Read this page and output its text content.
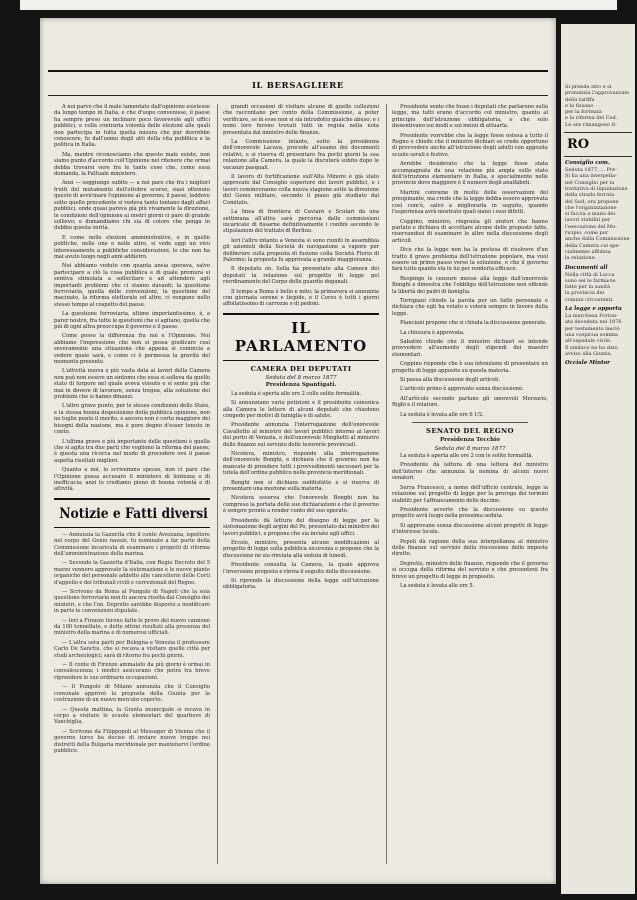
IL BERSAGLIERE

A noi parve che il male lamentato dall'opinione esistesse da lungo tempo in Italia, e che d'uopo convenisse, il paese ha sempre preso un inclinare poco favorevole agli uffici pubblici, e colla contraria volontà delle elezioni alle quali non partecipa in tutta quella misura che pur dovrebbe conoscere, fu dall'uomo degli atti della vita pubblica e la politica in Italia.

Ma, mentre riconosciamo che questo male esiste, non siamo punto d'accordo coll'Opinione nel ritenere che ormai debba trovarsi vere fra le tante cose che, come essa domanda, la Pattuale ministero.

Anzi — soggiunge subito — a noi pare che fra i migliori frutti del mutamento dell'ottobre scorso, siasi ottenuto questo di avvicinare l'opinione al governo; il paese, laddove sotto quello precedente si vedeva tanto lontano dagli affari pubblici, onde quasi pareva già più vivamente la direzione, le condizioni dell'opinione ai nostri giorni ci pare di grande sollievo; e domandiamo chi sia di coloro che ponga in dubbio questa verità.

E come nelle elezioni amministrative, e in quelle politiche, nelle une e nelle altre, si vede oggi un vivo interessamento a pubbliche considerazioni, lo che non ha mai avuto luogo negli anni addietro.

Noi abbiamo veduto con quanta ansia sperava, salvo partecipare a ciò la cosa pubblica e di quale premura si sentiva stimolata a sollecitare e ad attendere agli importanti problemi che ci stanno davanti; la questione ferroviaria, quella delle convenzioni, la questione del macinato, la riforma elettorale ed altre, ci vengono nello stesso tempo al cospetto del paese.

La questione ferroviaria, ultime importantissimo, è, a parer nostro, fra tutte le questioni che si agitano, quella che più di ogni altra preoccupa il governo e il paese.

Come posso la differenza fra noi e l'Opinione. Noi abbiamo l'impressione che non si possa giudicare così severamente una situazione che appena si comincia a vedere quale sarà, e come ci è permessa la gravità del momento presente.

L'attività nuova e più vasta data ai lavori della Camera non può non essere un sintomo che essa si solleva da quello stato di torpore nel quale aveva vissuto e si sente più che mai in dovere di lavorare, senza tregua, alla soluzione dei problemi che si hanno dinanzi.

L'altro grave punto, per le stesse condizioni dello Stato, e la stessa buona disposizione della pubblica opinione, non ne toglie punto il merito, e ancora non è certo maggiore dei bisogni della nazione, ma è pure degno d'esser tenuto in conto.

L'ultima grave e più importante delle questioni è quella che si agita tra due parti che vogliono la riforma del paese; è questa una ricerca nel modo di procedere ove il paese aspetta risultati migliori.

Quanto a noi, lo scrivemmo spesso, non ci pare che l'Opinione possa accusare il ministero di lentezza o di inefficacia; anzi lo crediamo pieno di buona volontà e di attività.

Notizie e Fatti diversi

— Annunzia la Gazzetta che il conte Avezzana, ispettore nel corpo del Genio navale, fu nominato a far parte della Commissione incaricata di esaminare i progetti di riforma dell'amministrazione della marina.

— Secondo la Gazzetta d'Italia, con Regio Decreto del 5 marzo vennero approvate la sistemazione e le nuove piante organiche del personale addetto alle cancellerie delle Corti d'appello e dei tribunali civili e correzionali del Regno.

— Scrivono da Roma al Pungolo di Napoli che la sola questione ferroviaria non fu ancora risolta dal Consiglio dei ministri, e che l'on. Depretis sarebbe disposto a modificare in parte le convenzioni stipulate.

— Ieri a Firenze furono fatte le prove del nuovo cannone da 100 tonnellate, e dette ottimi risultati alla presenza del ministro della marina e di numerosi ufficiali.

— L'altra sera parti per Bologna e Venezia il professore Carlo De Sanctis, che si recava a visitare quelle città per studi archeologici; sarà di ritorno fra pochi giorni.

— Il conte di Firenze ammalato da più giorni è ormai in convalescenza; i medici assicurano che potrà tra breve riprendere le sue ordinarie occupazioni.

— Il Pungolo di Milano annunzia che il Consiglio comunale approvò la proposta della Giunta per la costruzione di un nuovo mercato coperto.

— Questa mattina, la Giunta municipale si recava in corpo a visitare le scuole elementari del quartiere di Vanchiglia.

— Scrivono da Filippopoli al Messager di Vienna che il governo turco ha deciso di inviare nuove truppe nei distretti della Bulgaria meridionale per mantenervi l'ordine pubblico.

grandi occasioni di visitare alcune di quelle collezioni che raccontano per conto della Commissione, a poter verificare, se in esse non si sia introdotto qualche abuso; e i nomi loro furono trovati tutti in regola nella nota presentata dal ministro delle finanze.

La Commissione intanto, sotto la presidenza dell'onorevole Lacava, procede all'esame dei documenti relativi, e si riserva di presentare fra pochi giorni la sua relazione alla Camera, la quale la discuterà subito dopo le vacanze pasquali.

Il lavoro di fortificazione sull'Alta Minore è già stato approvato dal Consiglio superiore dei lavori pubblici, e i lavori cominceranno colla nuova stagione sotto la direzione del Genio militare, secondo il piano già studiato dal Comitato.

La linea di frontiera di Caviaro e Scutari da una settimana all'altra sarà percorsa dalle commissioni incaricate di fissarne definitivamente i confini secondo le stipulazioni del trattato di Berlino.

Ieri l'altro intanto a Venezia si sono riuniti in assemblea gli azionisti della Società di navigazione a vapore per deliberare sulla proposta di fusione colla Società Florio di Palermo; la proposta fu approvata a grande maggioranza.

Il deputato on. Sella ha presentato alla Camera dei deputati la relazione sul progetto di legge pel riordinamento del Corpo delle guardie doganali.

Il tempo a Roma è bello e mite; la primavera si annunzia con giornate serene e tiepide, e il Corso è tutti i giorni affollatissimo di carrozze e di pedoni.

IL PARLAMENTO
CAMERA DEI DEPUTATI
Seduta del 8 marzo 1877
Presidenza Spantigati.

La seduta è aperta alle ore 2 colle solite formalità.

Si annunziano varie petizioni e il presidente comunica alla Camera le lettere di alcuni deputati che chiedono congedo per motivi di famiglia e di salute.

Presidente annunzia l'interrogazione dell'onorevole Cavalletto al ministro dei lavori pubblici intorno ai lavori del porto di Venezia, e dell'onorevole Minghetti al ministro delle finanze sul servizio delle tesorerie provinciali.

Nicotera, ministro, risponde alla interrogazione dell'onorevole Bonghi, e dichiara che il governo non ha mancato di prendere tutti i provvedimenti necessari per la tutela dell'ordine pubblico nelle provincie meridionali.

Bonghi non si dichiara soddisfatto e si riserva di presentare una mozione sulla materia.

Nicotera osserva che l'onorevole Bonghi non ha compreso la portata delle sue dichiarazioni e che il governo è sempre pronto a render conto del suo operato.

Presidente dà lettura del disegno di legge per la sistemazione degli argini del Po, presentato dal ministro dei lavori pubblici, e propone che sia inviato agli uffici.

Ercole, ministro, presenta alcune modificazioni al progetto di legge sulla pubblica sicurezza e propone che la discussione ne sia rinviata alla seduta di lunedì.

Presidente consulta la Camera, la quale approva l'inversione proposta e rinvia il seguito della discussione.

Si riprende la discussione della legge sull'istruzione obbligatoria.

Presidente sente che fosse i deputati che parlarono sulla legge, ma tutti erano d'accordo col ministro, quanto al principio dell'istruzione obbligatoria, e che solo dissentivano sui modi e sui mezzi di attuarla.

Presidente vorrebbe che la legge fosse estesa a tutto il Regno e chiede che il ministro dichiari se crede opportuno di provvedere anche all'istruzione degli adulti con apposite scuole serali e festive.

Avrebbe desiderato che la legge fosse stata accompagnata da una relazione più ampia sullo stato dell'istruzione elementare in Italia, e specialmente nelle provincie dove maggiore è il numero degli analfabeti.

Martini conviene in molte delle osservazioni del preopinante, ma crede che la legge debba essere approvata così com'è, salvo a migliorarla in seguito, quando l'esperienza avrà mostrato quali siano i suoi difetti.

Coppino, ministro, ringrazia gli oratori che hanno parlato e dichiara di accettare alcune delle proposte fatte, riservandosi di esaminare le altre nella discussione degli articoli.

Dice che la legge non ha la pretesa di risolvere d'un tratto il grave problema dell'istruzione popolare, ma vuol essere un primo passo verso la soluzione, e che il governo farà tutto quanto sta in lui per renderla efficace.

Respinge le censure mosse alla legge dall'onorevole Bonghi e dimostra che l'obbligo dell'istruzione non offende la libertà dei padri di famiglia.

Torrigiani chiede la parola per un fatto personale e dichiara che egli ha votato e voterà sempre in favore della legge.

Pianciani propone che si chiuda la discussione generale.

La chiusura è approvata.

Sabatini chiede che il ministro dichiari se intende provvedere all'aumento degli stipendi dei maestri elementari.

Coppino risponde che è sua intenzione di presentare un progetto di legge apposito su questa materia.

Si passa alla discussione degli articoli.

L'articolo primo è approvato senza discussione.

All'articolo secondo parlano gli onorevoli Merzario, Righi e il relatore.

La seduta è levata alle ore 6 1/2.

SENATO DEL REGNO
Presidenza Tecchio
Seduta del 8 marzo 1877

La seduta è aperta alle ore 2 con le solite formalità.

Presidente dà lettura di una lettera del ministro dell'interno che annunzia la nomina di alcuni nuovi senatori.

Serra Francesco, a nome dell'ufficio centrale, legge la relazione sul progetto di legge per la proroga dei termini stabiliti per l'affrancamento delle decime.

Presidente avverte che la discussione su questo progetto avrà luogo nella prossima seduta.

Si approvano senza discussione alcuni progetti di legge d'interesse locale.

Pepoli dà ragione della sua interpellanza al ministro delle finanze sul servizio della riscossione delle imposte dirette.

Depretis, ministro delle finanze, risponde che il governo si occupa della riforma del servizio e che presenterà fra breve un progetto di legge in proposito.

La seduta è levata alle ore 5.

Si prende atto e si
pronunzia l'approvazione
della tariffa
e la fissano
per la fortezza
e la riforma del Cod.
Le ore rimangono fi-
RO
Consiglio com.
Seduta 1877, ... Pre-
Si ha una interpella-
nel Consiglio per la
trattativa di liquidazione
della strada ferrata
del Sud; ora propone
che l'organizzazione
si faccia a mano dei
lavori stabiliti per
l'esecuzione del Mu-
ricipio, come pur
anche dalla Commissione
della Camera cui spe-
cialmente affidata
la relazione.
Documenti all
Nella città di Lucca
sono sei le farmacie
fatte per la sanità
la provincia dei
comuni circostanti.
La legge e opportu
La marchesa Fortun-
ata deceduta nel 1876
per testamento lasciò
una cospicua somma
all'ospedale civile.
Il sindaco ne ha dato
avviso alla Giunta.
Occiale Mintor
